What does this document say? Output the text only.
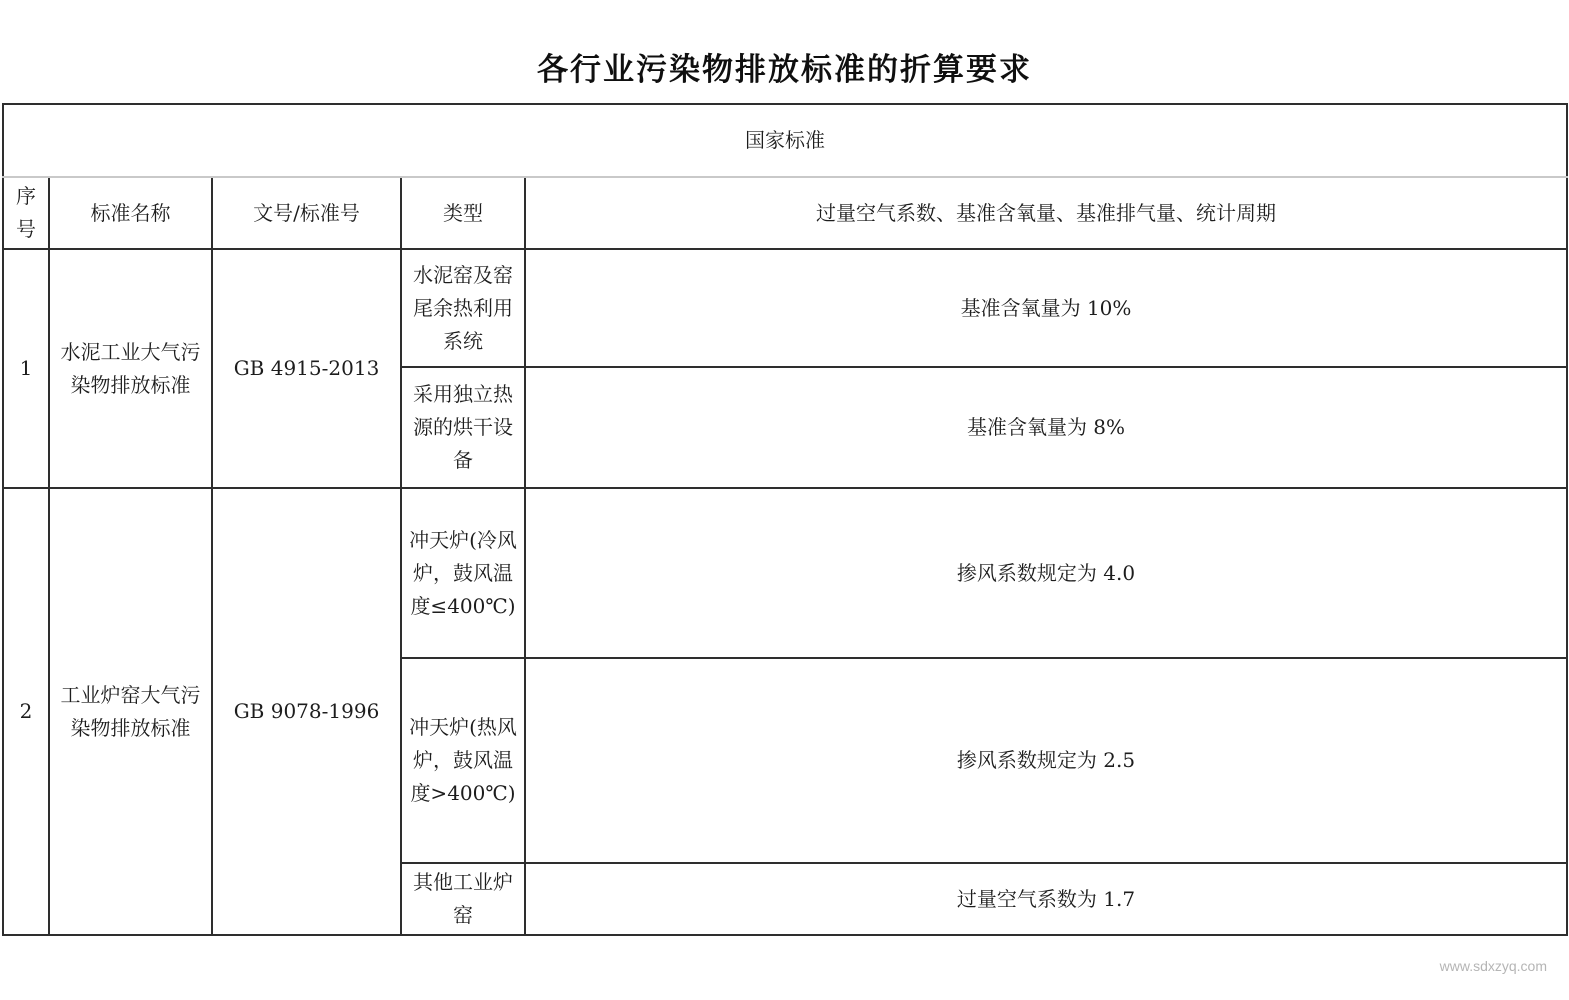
各行业污染物排放标准的折算要求
国家标准				
序号	标准名称	文号/标准号	类型	过量空气系数、基准含氧量、基准排气量、统计周期
1	水泥工业大气污染物排放标准	GB 4915-2013	水泥窑及窑尾余热利用系统	基准含氧量为 10%
			采用独立热源的烘干设备	基准含氧量为 8%
2	工业炉窑大气污染物排放标准	GB 9078-1996	冲天炉(冷风炉，鼓风温度≤400℃)	掺风系数规定为 4.0
			冲天炉(热风炉，鼓风温度>400℃)	掺风系数规定为 2.5
			其他工业炉窑	过量空气系数为 1.7
www.sdxzyq.com
